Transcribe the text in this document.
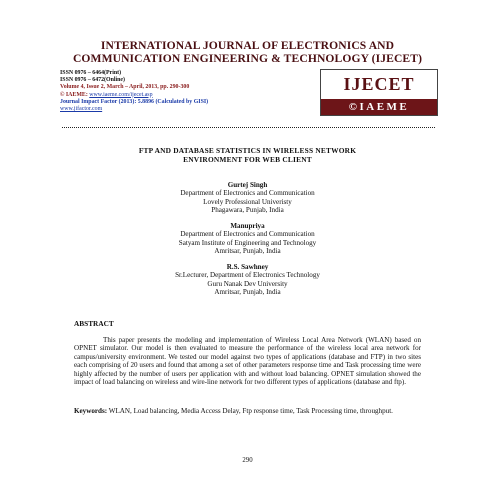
INTERNATIONAL JOURNAL OF ELECTRONICS AND
COMMUNICATION ENGINEERING & TECHNOLOGY (IJECET)
ISSN 0976 – 6464(Print)
ISSN 0976 – 6472(Online)
Volume 4, Issue 2, March – April, 2013, pp. 290-300
© IAEME: www.iaeme.com/ijecet.asp
Journal Impact Factor (2013): 5.8896 (Calculated by GISI)
www.jifactor.com
IJECET
©IAEME
FTP AND DATABASE STATISTICS IN WIRELESS NETWORK
ENVIRONMENT FOR WEB CLIENT
Gurtej Singh
Department of Electronics and Communication
Lovely Professional Univeristy
Phagawara, Punjab, India
Manupriya
Department of Electronics and Communication
Satyam Institute of Engineering and Technology
Amritsar, Punjab, India
R.S. Sawhney
Sr.Lecturer, Department of Electronics Technology
Guru Nanak Dev University
Amritsar, Punjab, India
ABSTRACT
This paper presents the modeling and implementation of Wireless Local Area Network (WLAN) based on OPNET simulator. Our model is then evaluated to measure the performance of the wireless local area network for campus/university environment. We tested our model against two types of applications (database and FTP) in two sites each comprising of 20 users and found that among a set of other parameters response time and Task processing time were highly affected by the number of users per application with and without load balancing. OPNET simulation showed the impact of load balancing on wireless and wire-line network for two different types of applications (database and ftp).
Keywords: WLAN, Load balancing, Media Access Delay, Ftp response time, Task Processing time, throughput.
290
